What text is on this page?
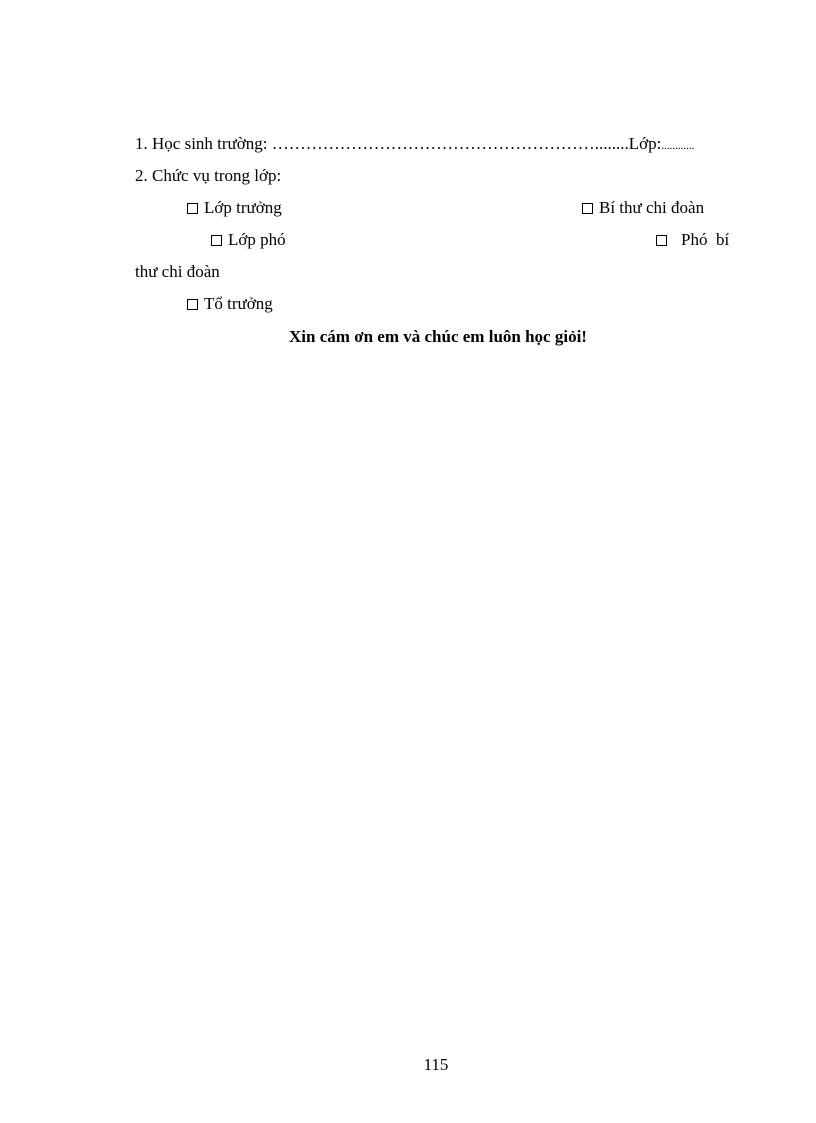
1. Học sinh trường: …………………………………………………........Lớp:............
2. Chức vụ trong lớp:
Lớp trưởng	Bí thư chi đoàn
Lớp phó	Phó  bí
thư chi đoàn
Tổ trưởng
Xin cám ơn em và chúc em luôn học giỏi!
115
